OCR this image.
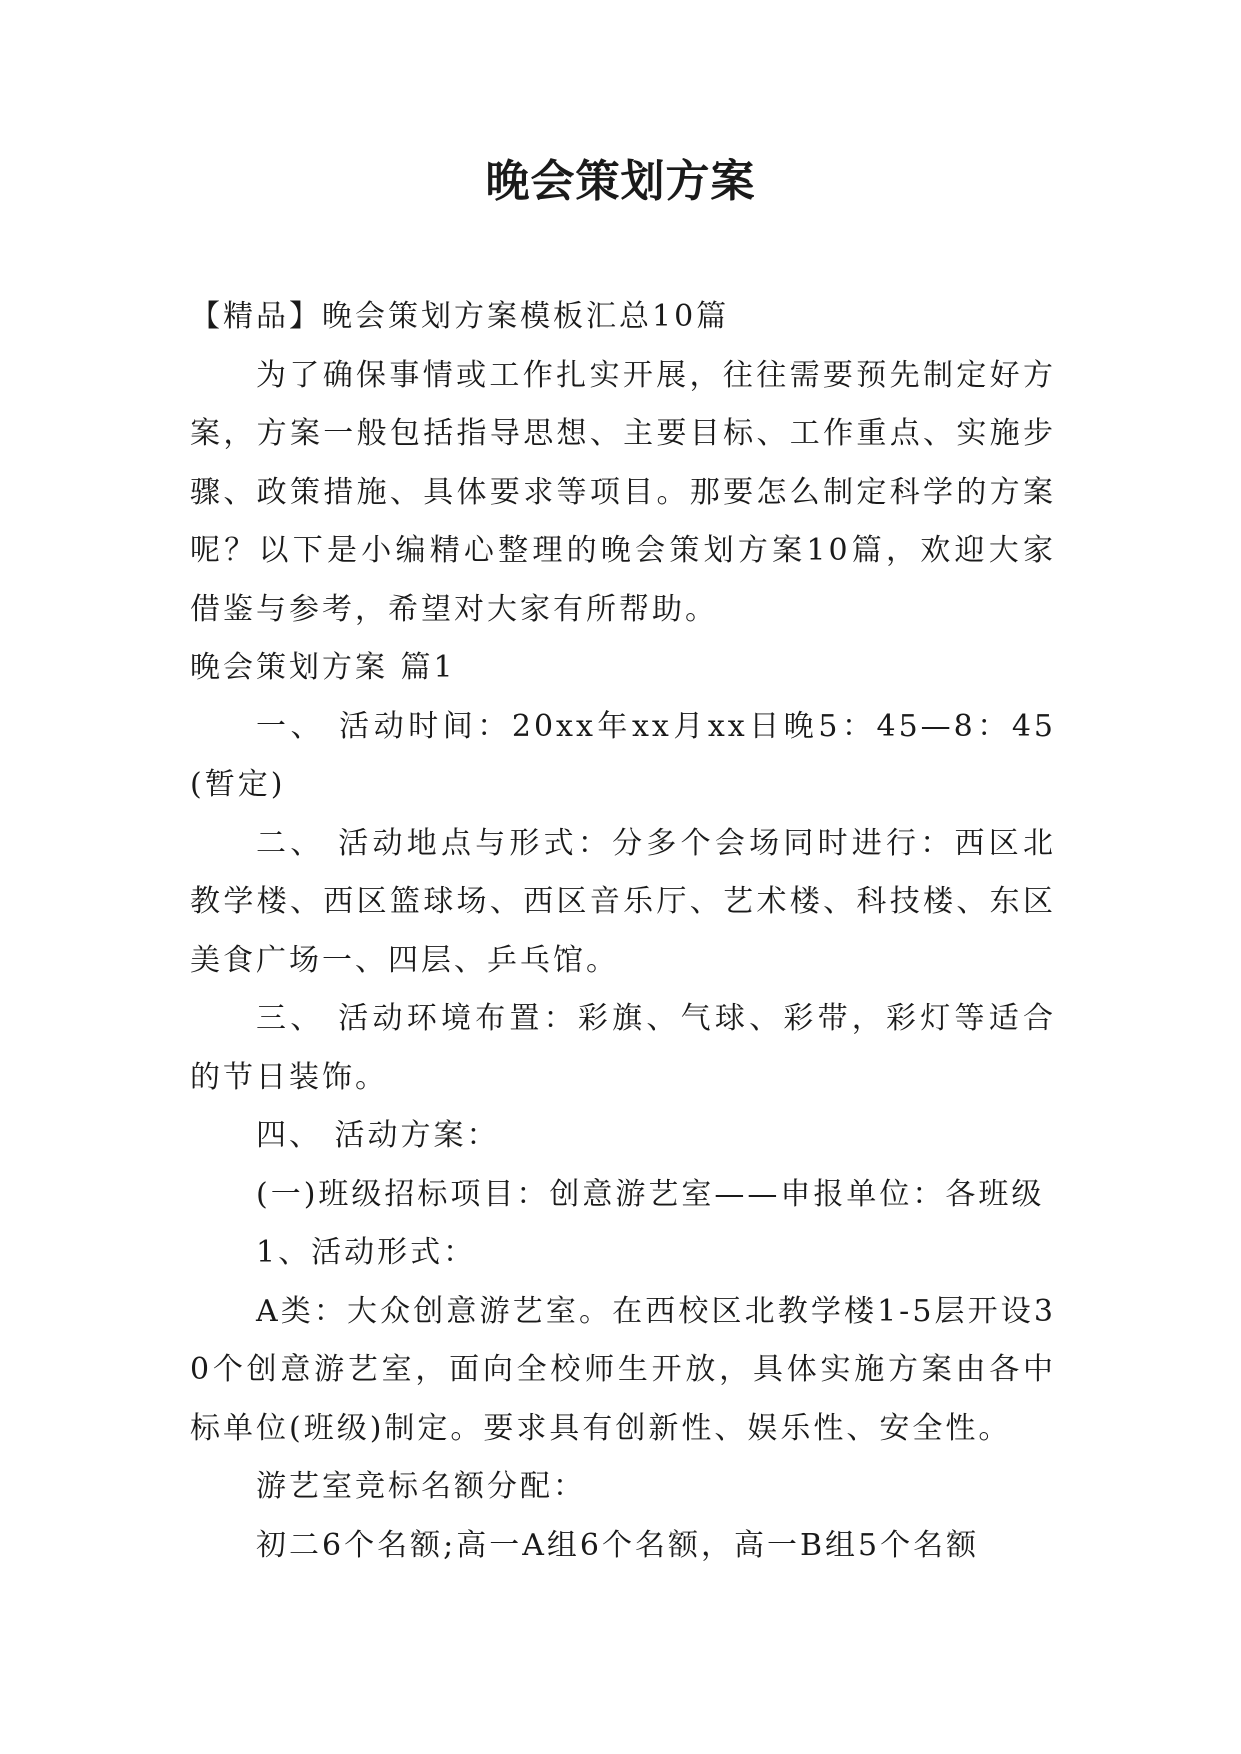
晚会策划方案

【精品】晚会策划方案模板汇总10篇

为了确保事情或工作扎实开展，往往需要预先制定好方案，方案一般包括指导思想、主要目标、工作重点、实施步骤、政策措施、具体要求等项目。那要怎么制定科学的方案呢？以下是小编精心整理的晚会策划方案10篇，欢迎大家借鉴与参考，希望对大家有所帮助。

晚会策划方案 篇1

一、 活动时间：20xx年xx月xx日晚5：45—8：45(暂定)

二、 活动地点与形式：分多个会场同时进行：西区北教学楼、西区篮球场、西区音乐厅、艺术楼、科技楼、东区美食广场一、四层、乒乓馆。

三、 活动环境布置：彩旗、气球、彩带，彩灯等适合的节日装饰。

四、 活动方案：

(一)班级招标项目：创意游艺室——申报单位：各班级

1、活动形式：

A类：大众创意游艺室。在西校区北教学楼1-5层开设30个创意游艺室，面向全校师生开放，具体实施方案由各中标单位(班级)制定。要求具有创新性、娱乐性、安全性。

游艺室竞标名额分配：

初二6个名额;高一A组6个名额，高一B组5个名额
